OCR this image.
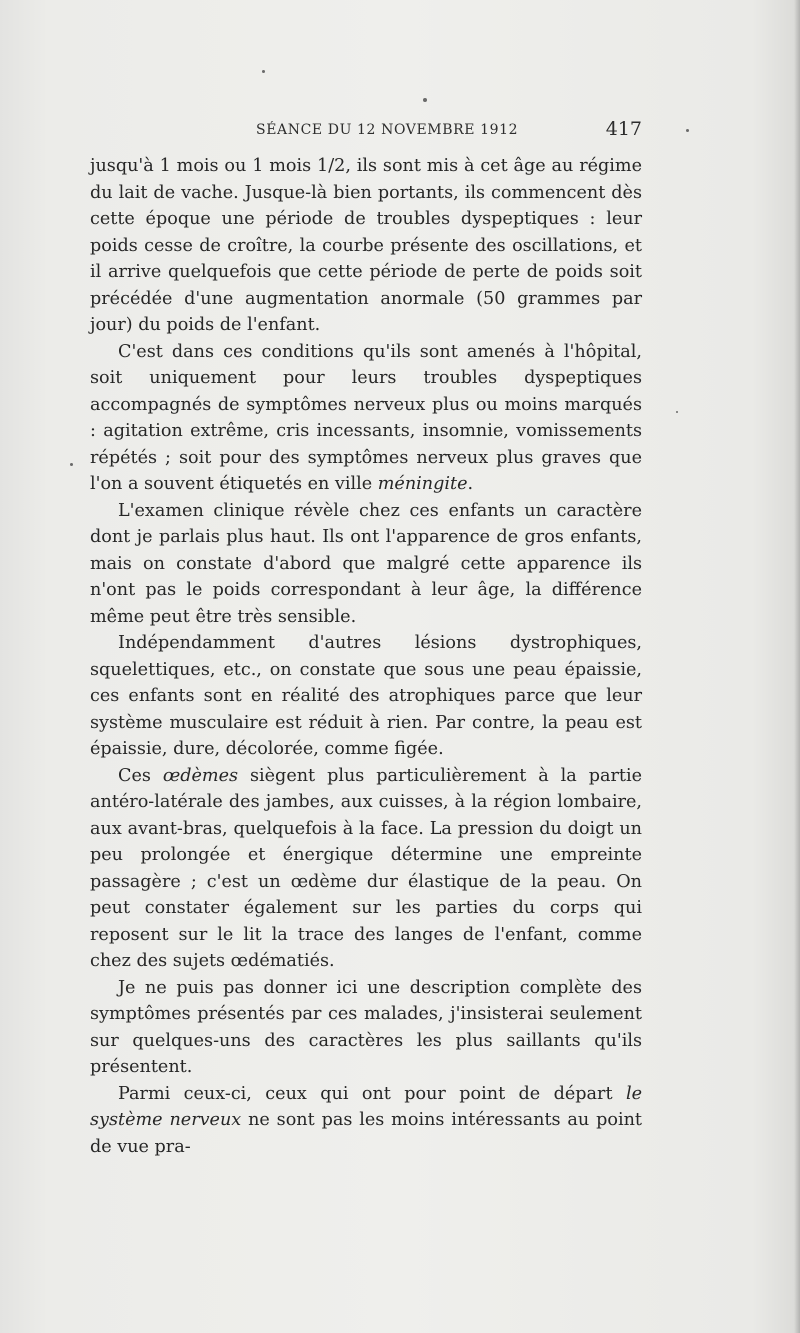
SÉANCE DU 12 NOVEMBRE 1912	417

jusqu'à 1 mois ou 1 mois 1/2, ils sont mis à cet âge au régime du lait de vache. Jusque-là bien portants, ils commencent dès cette époque une période de troubles dyspeptiques : leur poids cesse de croître, la courbe présente des oscillations, et il arrive quelquefois que cette période de perte de poids soit précédée d'une augmentation anormale (50 grammes par jour) du poids de l'enfant.

C'est dans ces conditions qu'ils sont amenés à l'hôpital, soit uniquement pour leurs troubles dyspeptiques accompagnés de symptômes nerveux plus ou moins marqués : agitation extrême, cris incessants, insomnie, vomissements répétés ; soit pour des symptômes nerveux plus graves que l'on a souvent étiquetés en ville méningite.

L'examen clinique révèle chez ces enfants un caractère dont je parlais plus haut. Ils ont l'apparence de gros enfants, mais on constate d'abord que malgré cette apparence ils n'ont pas le poids correspondant à leur âge, la différence même peut être très sensible.

Indépendamment d'autres lésions dystrophiques, squelettiques, etc., on constate que sous une peau épaissie, ces enfants sont en réalité des atrophiques parce que leur système musculaire est réduit à rien. Par contre, la peau est épaissie, dure, décolorée, comme figée.

Ces œdèmes siègent plus particulièrement à la partie antéro-latérale des jambes, aux cuisses, à la région lombaire, aux avant-bras, quelquefois à la face. La pression du doigt un peu prolongée et énergique détermine une empreinte passagère ; c'est un œdème dur élastique de la peau. On peut constater également sur les parties du corps qui reposent sur le lit la trace des langes de l'enfant, comme chez des sujets œdématiés.

Je ne puis pas donner ici une description complète des symptômes présentés par ces malades, j'insisterai seulement sur quelques-uns des caractères les plus saillants qu'ils présentent.

Parmi ceux-ci, ceux qui ont pour point de départ le système nerveux ne sont pas les moins intéressants au point de vue pra-
